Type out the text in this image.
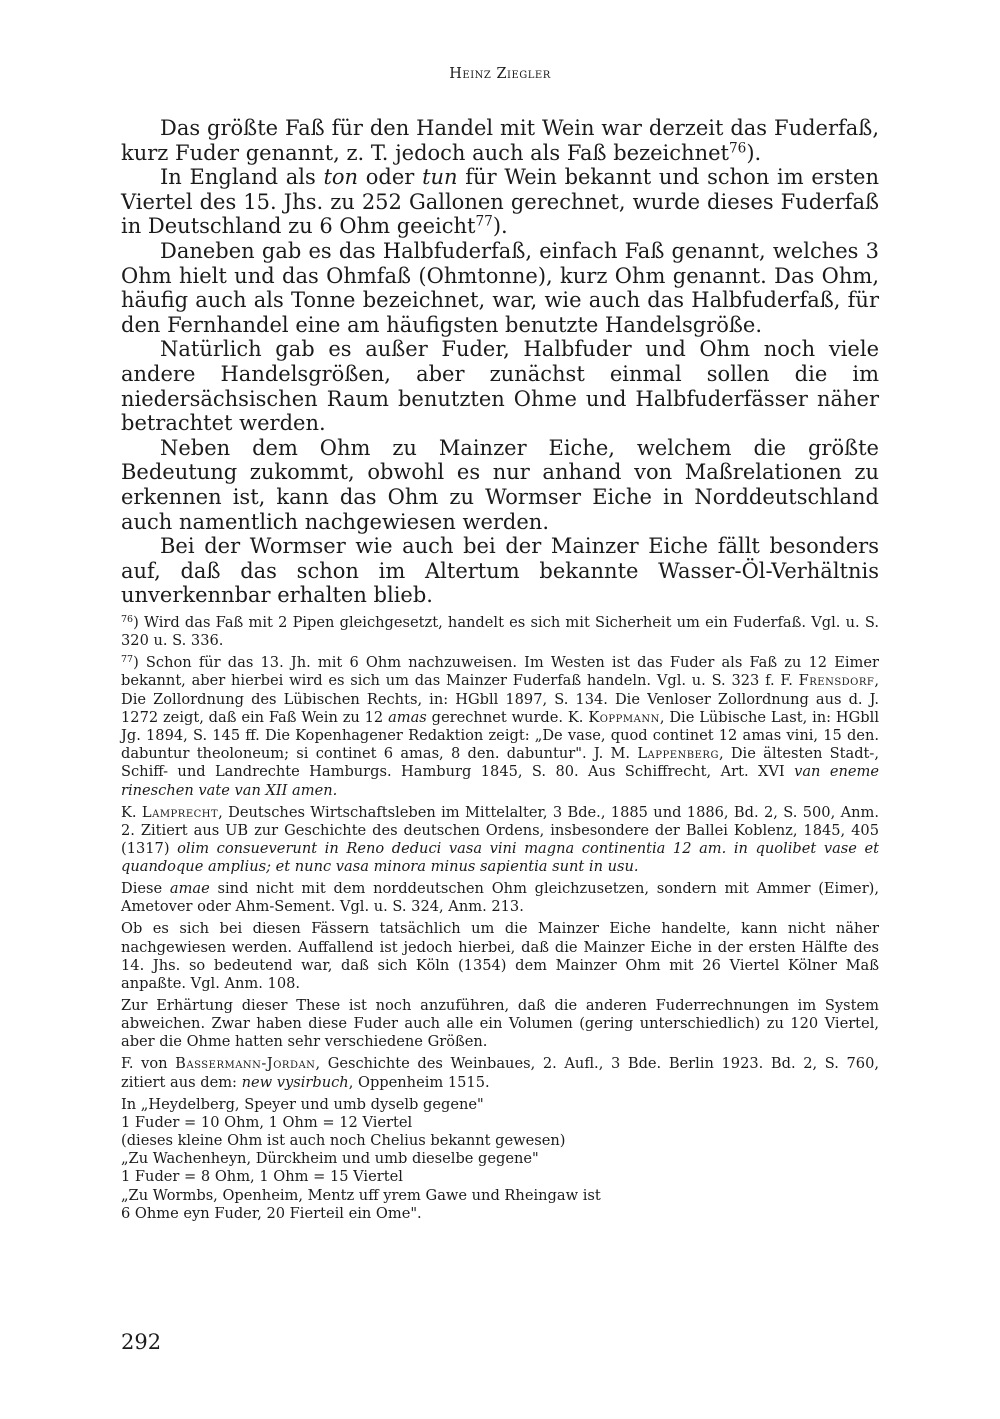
Heinz Ziegler

Das größte Faß für den Handel mit Wein war derzeit das Fuderfaß, kurz Fuder genannt, z. T. jedoch auch als Faß bezeichnet$^{76}$).

In England als ton oder tun für Wein bekannt und schon im ersten Viertel des 15. Jhs. zu 252 Gallonen gerechnet, wurde dieses Fuderfaß in Deutschland zu 6 Ohm geeicht$^{77}$).

Daneben gab es das Halbfuderfaß, einfach Faß genannt, welches 3 Ohm hielt und das Ohmfaß (Ohmtonne), kurz Ohm genannt. Das Ohm, häufig auch als Tonne bezeichnet, war, wie auch das Halbfuderfaß, für den Fernhandel eine am häufigsten benutzte Handelsgröße.

Natürlich gab es außer Fuder, Halbfuder und Ohm noch viele andere Handelsgrößen, aber zunächst einmal sollen die im niedersächsischen Raum benutzten Ohme und Halbfuderfässer näher betrachtet werden.

Neben dem Ohm zu Mainzer Eiche, welchem die größte Bedeutung zukommt, obwohl es nur anhand von Maßrelationen zu erkennen ist, kann das Ohm zu Wormser Eiche in Norddeutschland auch namentlich nachgewiesen werden.

Bei der Wormser wie auch bei der Mainzer Eiche fällt besonders auf, daß das schon im Altertum bekannte Wasser-Öl-Verhältnis unverkennbar erhalten blieb.

$^{76}$) Wird das Faß mit 2 Pipen gleichgesetzt, handelt es sich mit Sicherheit um ein Fuderfaß. Vgl. u. S. 320 u. S. 336.

$^{77}$) Schon für das 13. Jh. mit 6 Ohm nachzuweisen. Im Westen ist das Fuder als Faß zu 12 Eimer bekannt, aber hierbei wird es sich um das Mainzer Fuderfaß handeln. Vgl. u. S. 323 f. F. Frensdorf, Die Zollordnung des Lübischen Rechts, in: HGbll 1897, S. 134. Die Venloser Zollordnung aus d. J. 1272 zeigt, daß ein Faß Wein zu 12 amas gerechnet wurde. K. Koppmann, Die Lübische Last, in: HGbll Jg. 1894, S. 145 ff. Die Kopenhagener Redaktion zeigt: „De vase, quod continet 12 amas vini, 15 den. dabuntur theoloneum; si continet 6 amas, 8 den. dabuntur". J. M. Lappenberg, Die ältesten Stadt-, Schiff- und Landrechte Hamburgs. Hamburg 1845, S. 80. Aus Schiffrecht, Art. XVI van eneme rineschen vate van XII amen.

K. Lamprecht, Deutsches Wirtschaftsleben im Mittelalter, 3 Bde., 1885 und 1886, Bd. 2, S. 500, Anm. 2. Zitiert aus UB zur Geschichte des deutschen Ordens, insbesondere der Ballei Koblenz, 1845, 405 (1317) olim consueverunt in Reno deduci vasa vini magna continentia 12 am. in quolibet vase et quandoque amplius; et nunc vasa minora minus sapientia sunt in usu.

Diese amae sind nicht mit dem norddeutschen Ohm gleichzusetzen, sondern mit Ammer (Eimer), Ametover oder Ahm-Sement. Vgl. u. S. 324, Anm. 213.

Ob es sich bei diesen Fässern tatsächlich um die Mainzer Eiche handelte, kann nicht näher nachgewiesen werden. Auffallend ist jedoch hierbei, daß die Mainzer Eiche in der ersten Hälfte des 14. Jhs. so bedeutend war, daß sich Köln (1354) dem Mainzer Ohm mit 26 Viertel Kölner Maß anpaßte. Vgl. Anm. 108.

Zur Erhärtung dieser These ist noch anzuführen, daß die anderen Fuderrechnungen im System abweichen. Zwar haben diese Fuder auch alle ein Volumen (gering unterschiedlich) zu 120 Viertel, aber die Ohme hatten sehr verschiedene Größen.

F. von Bassermann-Jordan, Geschichte des Weinbaues, 2. Aufl., 3 Bde. Berlin 1923. Bd. 2, S. 760, zitiert aus dem: new vysirbuch, Oppenheim 1515.

In „Heydelberg, Speyer und umb dyselb gegene"
1 Fuder = 10 Ohm, 1 Ohm = 12 Viertel
(dieses kleine Ohm ist auch noch Chelius bekannt gewesen)
„Zu Wachenheyn, Dürckheim und umb dieselbe gegene"
1 Fuder = 8 Ohm, 1 Ohm = 15 Viertel
„Zu Wormbs, Openheim, Mentz uff yrem Gawe und Rheingaw ist
6 Ohme eyn Fuder, 20 Fierteil ein Ome".
292
